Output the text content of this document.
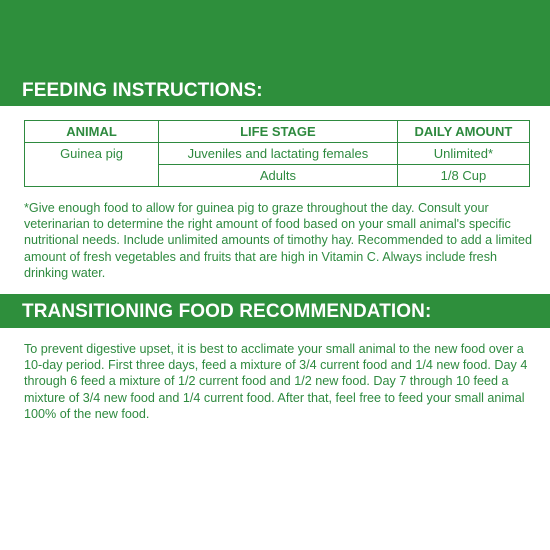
FEEDING INSTRUCTIONS:
ANIMAL	LIFE STAGE	DAILY AMOUNT
Guinea pig	Juveniles and lactating females	Unlimited*
	Adults	1/8 Cup

*Give enough food to allow for guinea pig to graze throughout the day. Consult your veterinarian to determine the right amount of food based on your small animal's specific nutritional needs. Include unlimited amounts of timothy hay. Recommended to add a limited amount of fresh vegetables and fruits that are high in Vitamin C. Always include fresh drinking water.

TRANSITIONING FOOD RECOMMENDATION:

To prevent digestive upset, it is best to acclimate your small animal to the new food over a 10-day period. First three days, feed a mixture of 3/4 current food and 1/4 new food. Day 4 through 6 feed a mixture of 1/2 current food and 1/2 new food. Day 7 through 10 feed a mixture of 3/4 new food and 1/4 current food. After that, feel free to feed your small animal 100% of the new food.
